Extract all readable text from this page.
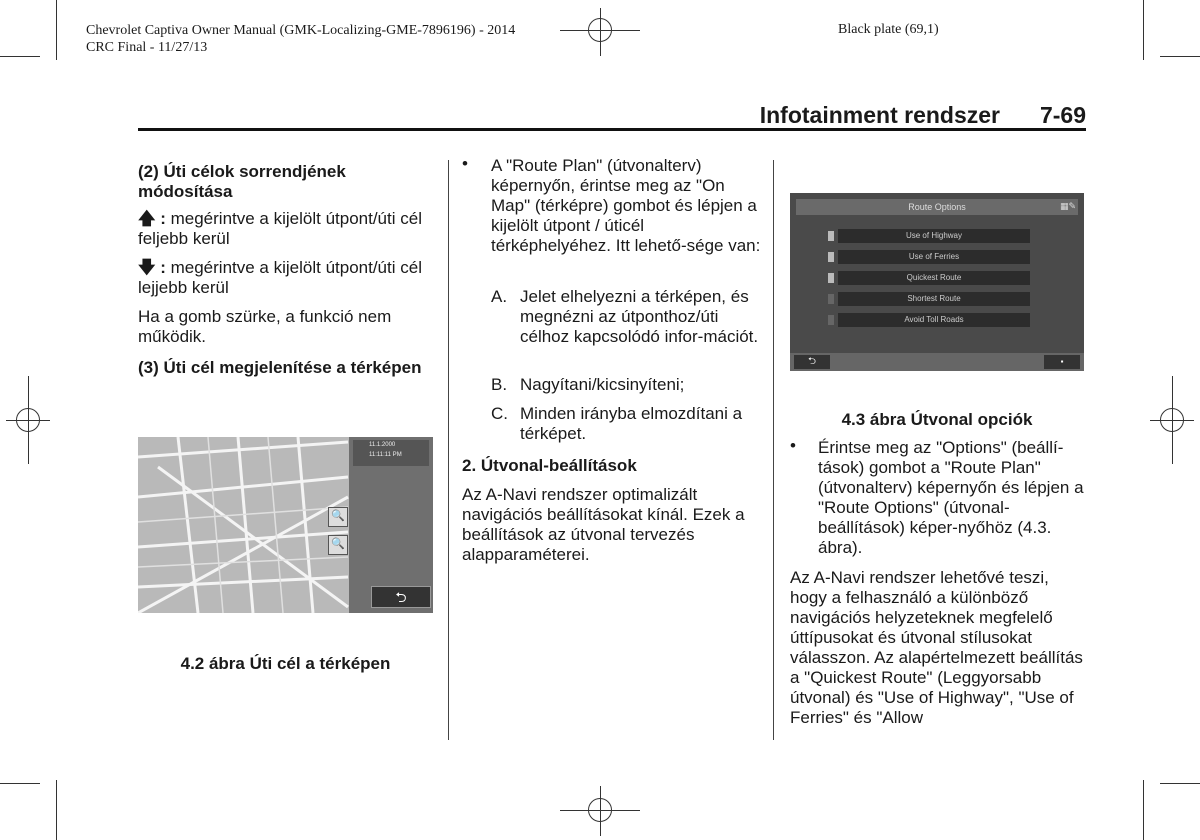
Chevrolet Captiva Owner Manual (GMK-Localizing-GME-7896196) - 2014
CRC Final - 11/27/13
Black plate (69,1)
Infotainment rendszer 7-69

(2) Úti célok sorrendjének módosítása

🡅 : megérintve a kijelölt útpont/úti cél feljebb kerül

🡇 : megérintve a kijelölt útpont/úti cél lejjebb kerül

Ha a gomb szürke, a funkció nem működik.

(3) Úti cél megjelenítése a térképen

11.1.2000
11:11:11 PM
⮌
🔍
🔍
4.2 ábra Úti cél a térképen
• A "Route Plan" (útvonalterv) képernyőn, érintse meg az "On Map" (térképre) gombot és lépjen a kijelölt útpont / úticél térképhelyéhez. Itt lehető-sége van:
A. Jelet elhelyezni a térképen, és megnézni az útponthoz/úti célhoz kapcsolódó infor-mációt.
B. Nagyítani/kicsinyíteni;
C. Minden irányba elmozdítani a térképet.
2. Útvonal-beállítások
Az A-Navi rendszer optimalizált navigációs beállításokat kínál. Ezek a beállítások az útvonal tervezés alapparaméterei.
Route Options	▦✎
Use of Highway
Use of Ferries
Quickest Route
Shortest Route
Avoid Toll Roads
⮌	▪
4.3 ábra Útvonal opciók
• Érintse meg az "Options" (beállí-tások) gombot a "Route Plan" (útvonalterv) képernyőn és lépjen a "Route Options" (útvonal-beállítások) képer-nyőhöz (4.3. ábra).
Az A-Navi rendszer lehetővé teszi, hogy a felhasználó a különböző navigációs helyzeteknek megfelelő úttípusokat és útvonal stílusokat válasszon. Az alapértelmezett beállítás a "Quickest Route" (Leggyorsabb útvonal) és "Use of Highway", "Use of Ferries" és "Allow
